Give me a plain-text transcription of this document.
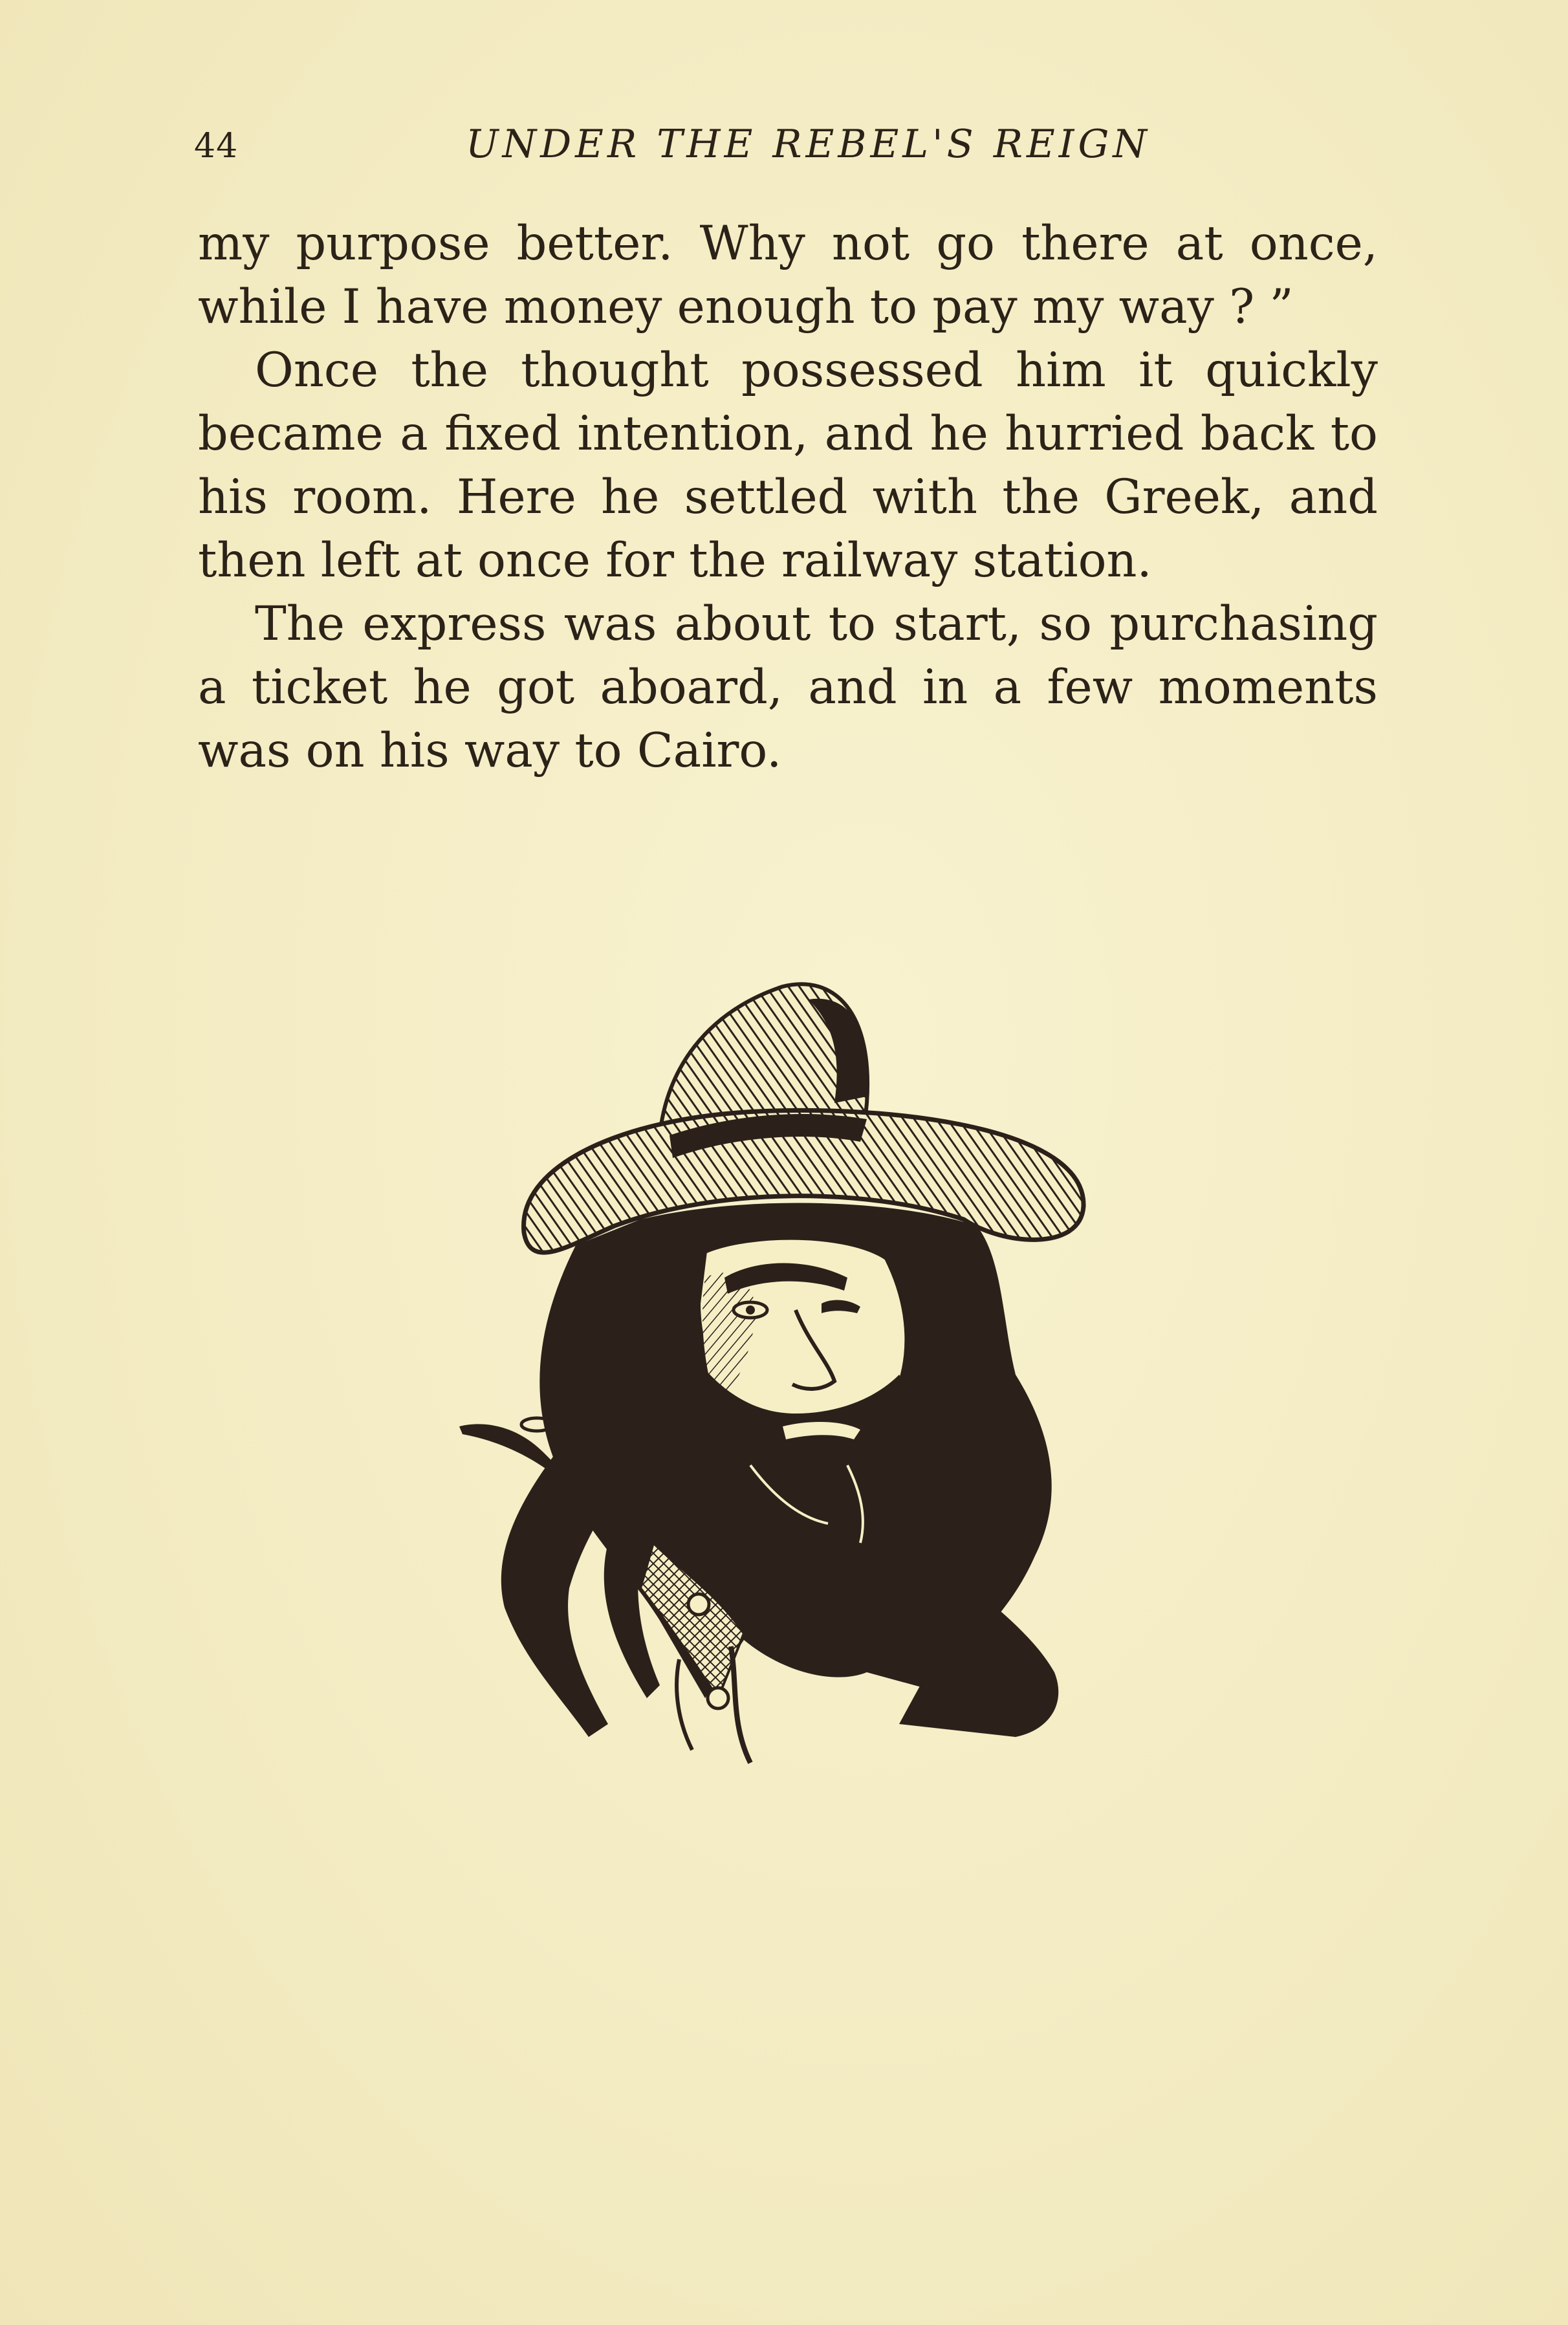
44	UNDER THE REBEL'S REIGN

my purpose better. Why not go there at once, while I have money enough to pay my way ? ”

Once the thought possessed him it quickly became a fixed intention, and he hurried back to his room. Here he settled with the Greek, and then left at once for the railway station.

The express was about to start, so purchasing a ticket he got aboard, and in a few moments was on his way to Cairo.
